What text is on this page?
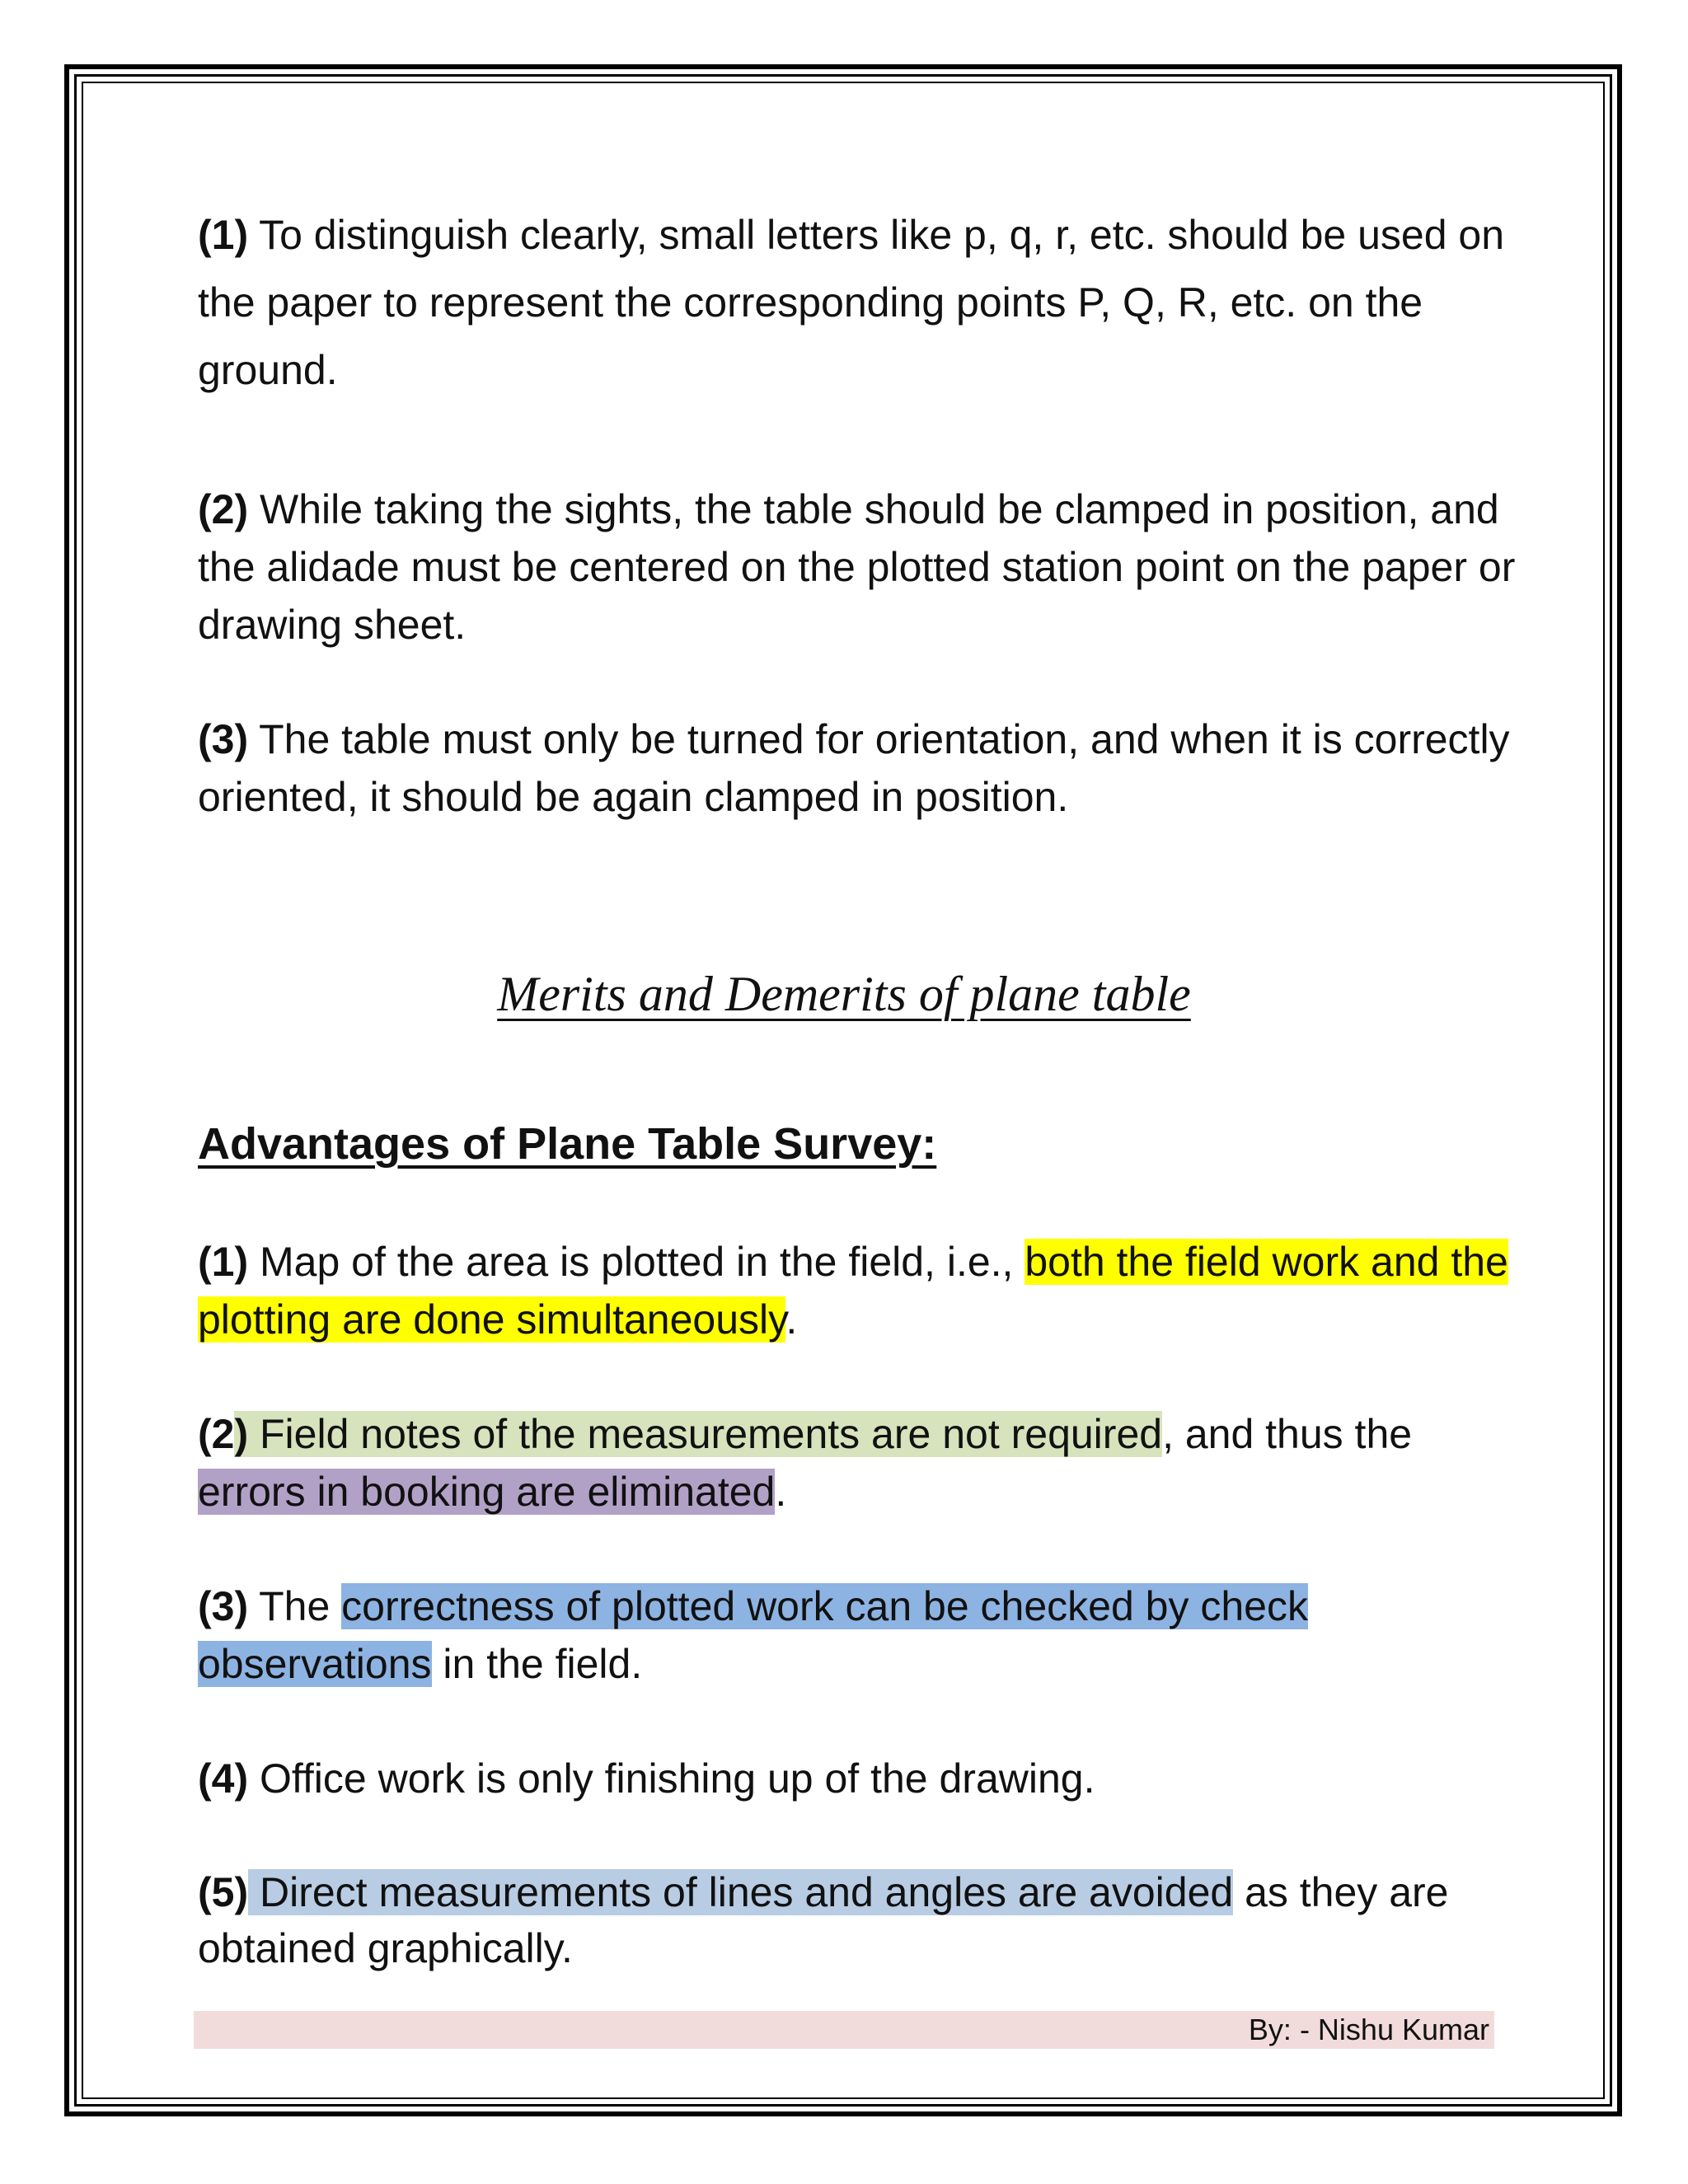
(1) To distinguish clearly, small letters like p, q, r, etc. should be used on the paper to represent the corresponding points P, Q, R, etc. on the ground.

(2) While taking the sights, the table should be clamped in position, and the alidade must be centered on the plotted station point on the paper or drawing sheet.

(3) The table must only be turned for orientation, and when it is correctly oriented, it should be again clamped in position.

Merits and Demerits of plane table
Advantages of Plane Table Survey:

(1) Map of the area is plotted in the field, i.e., both the field work and the plotting are done simultaneously.

(2) Field notes of the measurements are not required, and thus the errors in booking are eliminated.

(3) The correctness of plotted work can be checked by check observations in the field.

(4) Office work is only finishing up of the drawing.

(5) Direct measurements of lines and angles are avoided as they are obtained graphically.

By: - Nishu Kumar
